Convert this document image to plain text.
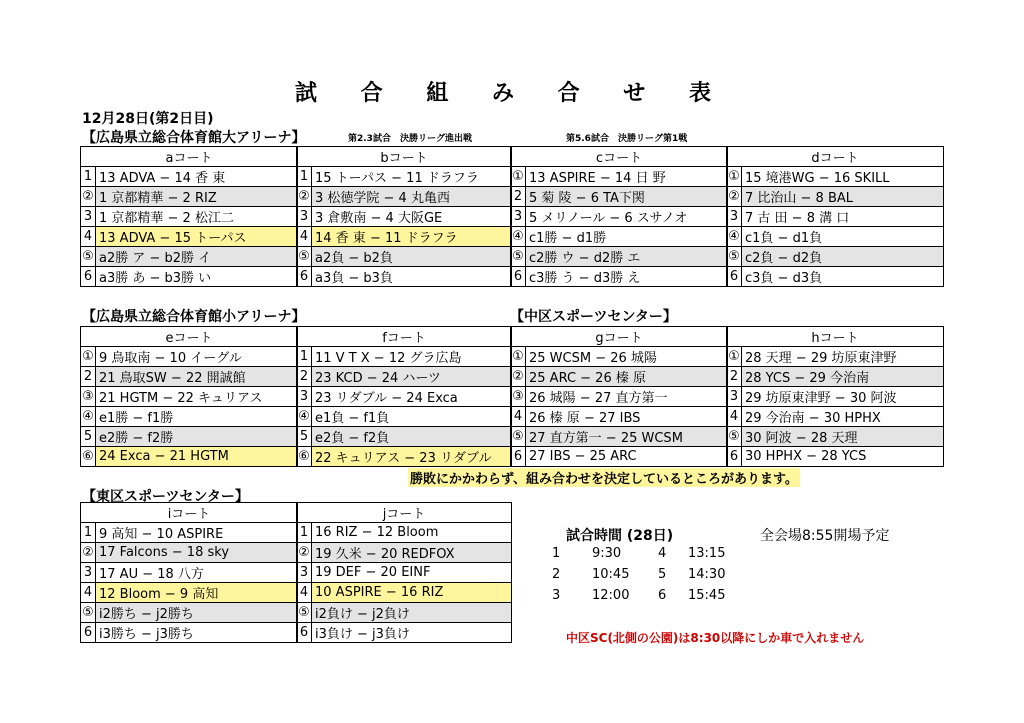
試 合 組 み 合 せ 表
12月28日(第2日目)
【広島県立総合体育館大アリーナ】	第2.3試合　決勝リーグ進出戦	第5.6試合　決勝リーグ第1戦
【広島県立総合体育館小アリーナ】	【中区スポーツセンター】
【東区スポーツセンター】
aコート	
1	13 ADVA − 14 香 東
②	1 京都精華 − 2 RIZ
3	1 京都精華 − 2 松江二
4	13 ADVA − 15 トーパス
⑤	a2勝 ア − b2勝 イ
6	a3勝 あ − b3勝 い
bコート	
1	15 トーパス − 11 ドラフラ
②	3 松徳学院 − 4 丸亀西
3	3 倉敷南 − 4 大阪GE
4	14 香 東 − 11 ドラフラ
⑤	a2負 − b2負
6	a3負 − b3負
cコート	
①	13 ASPIRE − 14 日 野
2	5 菊 陵 − 6 TA下関
3	5 メリノール − 6 スサノオ
④	c1勝 − d1勝
⑤	c2勝 ウ − d2勝 エ
6	c3勝 う − d3勝 え
dコート	
①	15 境港WG − 16 SKILL
②	7 比治山 − 8 BAL
3	7 古 田 − 8 溝 口
④	c1負 − d1負
⑤	c2負 − d2負
6	c3負 − d3負
eコート	
①	9 鳥取南 − 10 イーグル
2	21 鳥取SW − 22 開誠館
③	21 HGTM − 22 キュリアス
④	e1勝 − f1勝
5	e2勝 − f2勝
⑥	24 Exca − 21 HGTM
fコート	
1	11 V T X − 12 グラ広島
2	23 KCD − 24 ハーツ
3	23 リダブル − 24 Exca
④	e1負 − f1負
5	e2負 − f2負
⑥	22 キュリアス − 23 リダブル
gコート	
①	25 WCSM − 26 城陽
②	25 ARC − 26 榛 原
③	26 城陽 − 27 直方第一
4	26 榛 原 − 27 IBS
⑤	27 直方第一 − 25 WCSM
6	27 IBS − 25 ARC
hコート	
①	28 天理 − 29 坊原東津野
2	28 YCS − 29 今治南
3	29 坊原東津野 − 30 阿波
4	29 今治南 − 30 HPHX
⑤	30 阿波 − 28 天理
6	30 HPHX − 28 YCS
iコート	
1	9 高知 − 10 ASPIRE
②	17 Falcons − 18 sky
3	17 AU − 18 八方
4	12 Bloom − 9 高知
⑤	i2勝ち − j2勝ち
6	i3勝ち − j3勝ち
jコート	
1	16 RIZ − 12 Bloom
②	19 久米 − 20 REDFOX
3	19 DEF − 20 EINF
4	10 ASPIRE − 16 RIZ
⑤	i2負け − j2負け
6	i3負け − j3負け
勝敗にかかわらず、組み合わせを決定しているところがあります。
試合時間 (28日)	全会場8:55開場予定
1 9:30	4 13:15
2 10:45 5 14:30
3 12:00 6 15:45
中区SC(北側の公園)は8:30以降にしか車で入れません
